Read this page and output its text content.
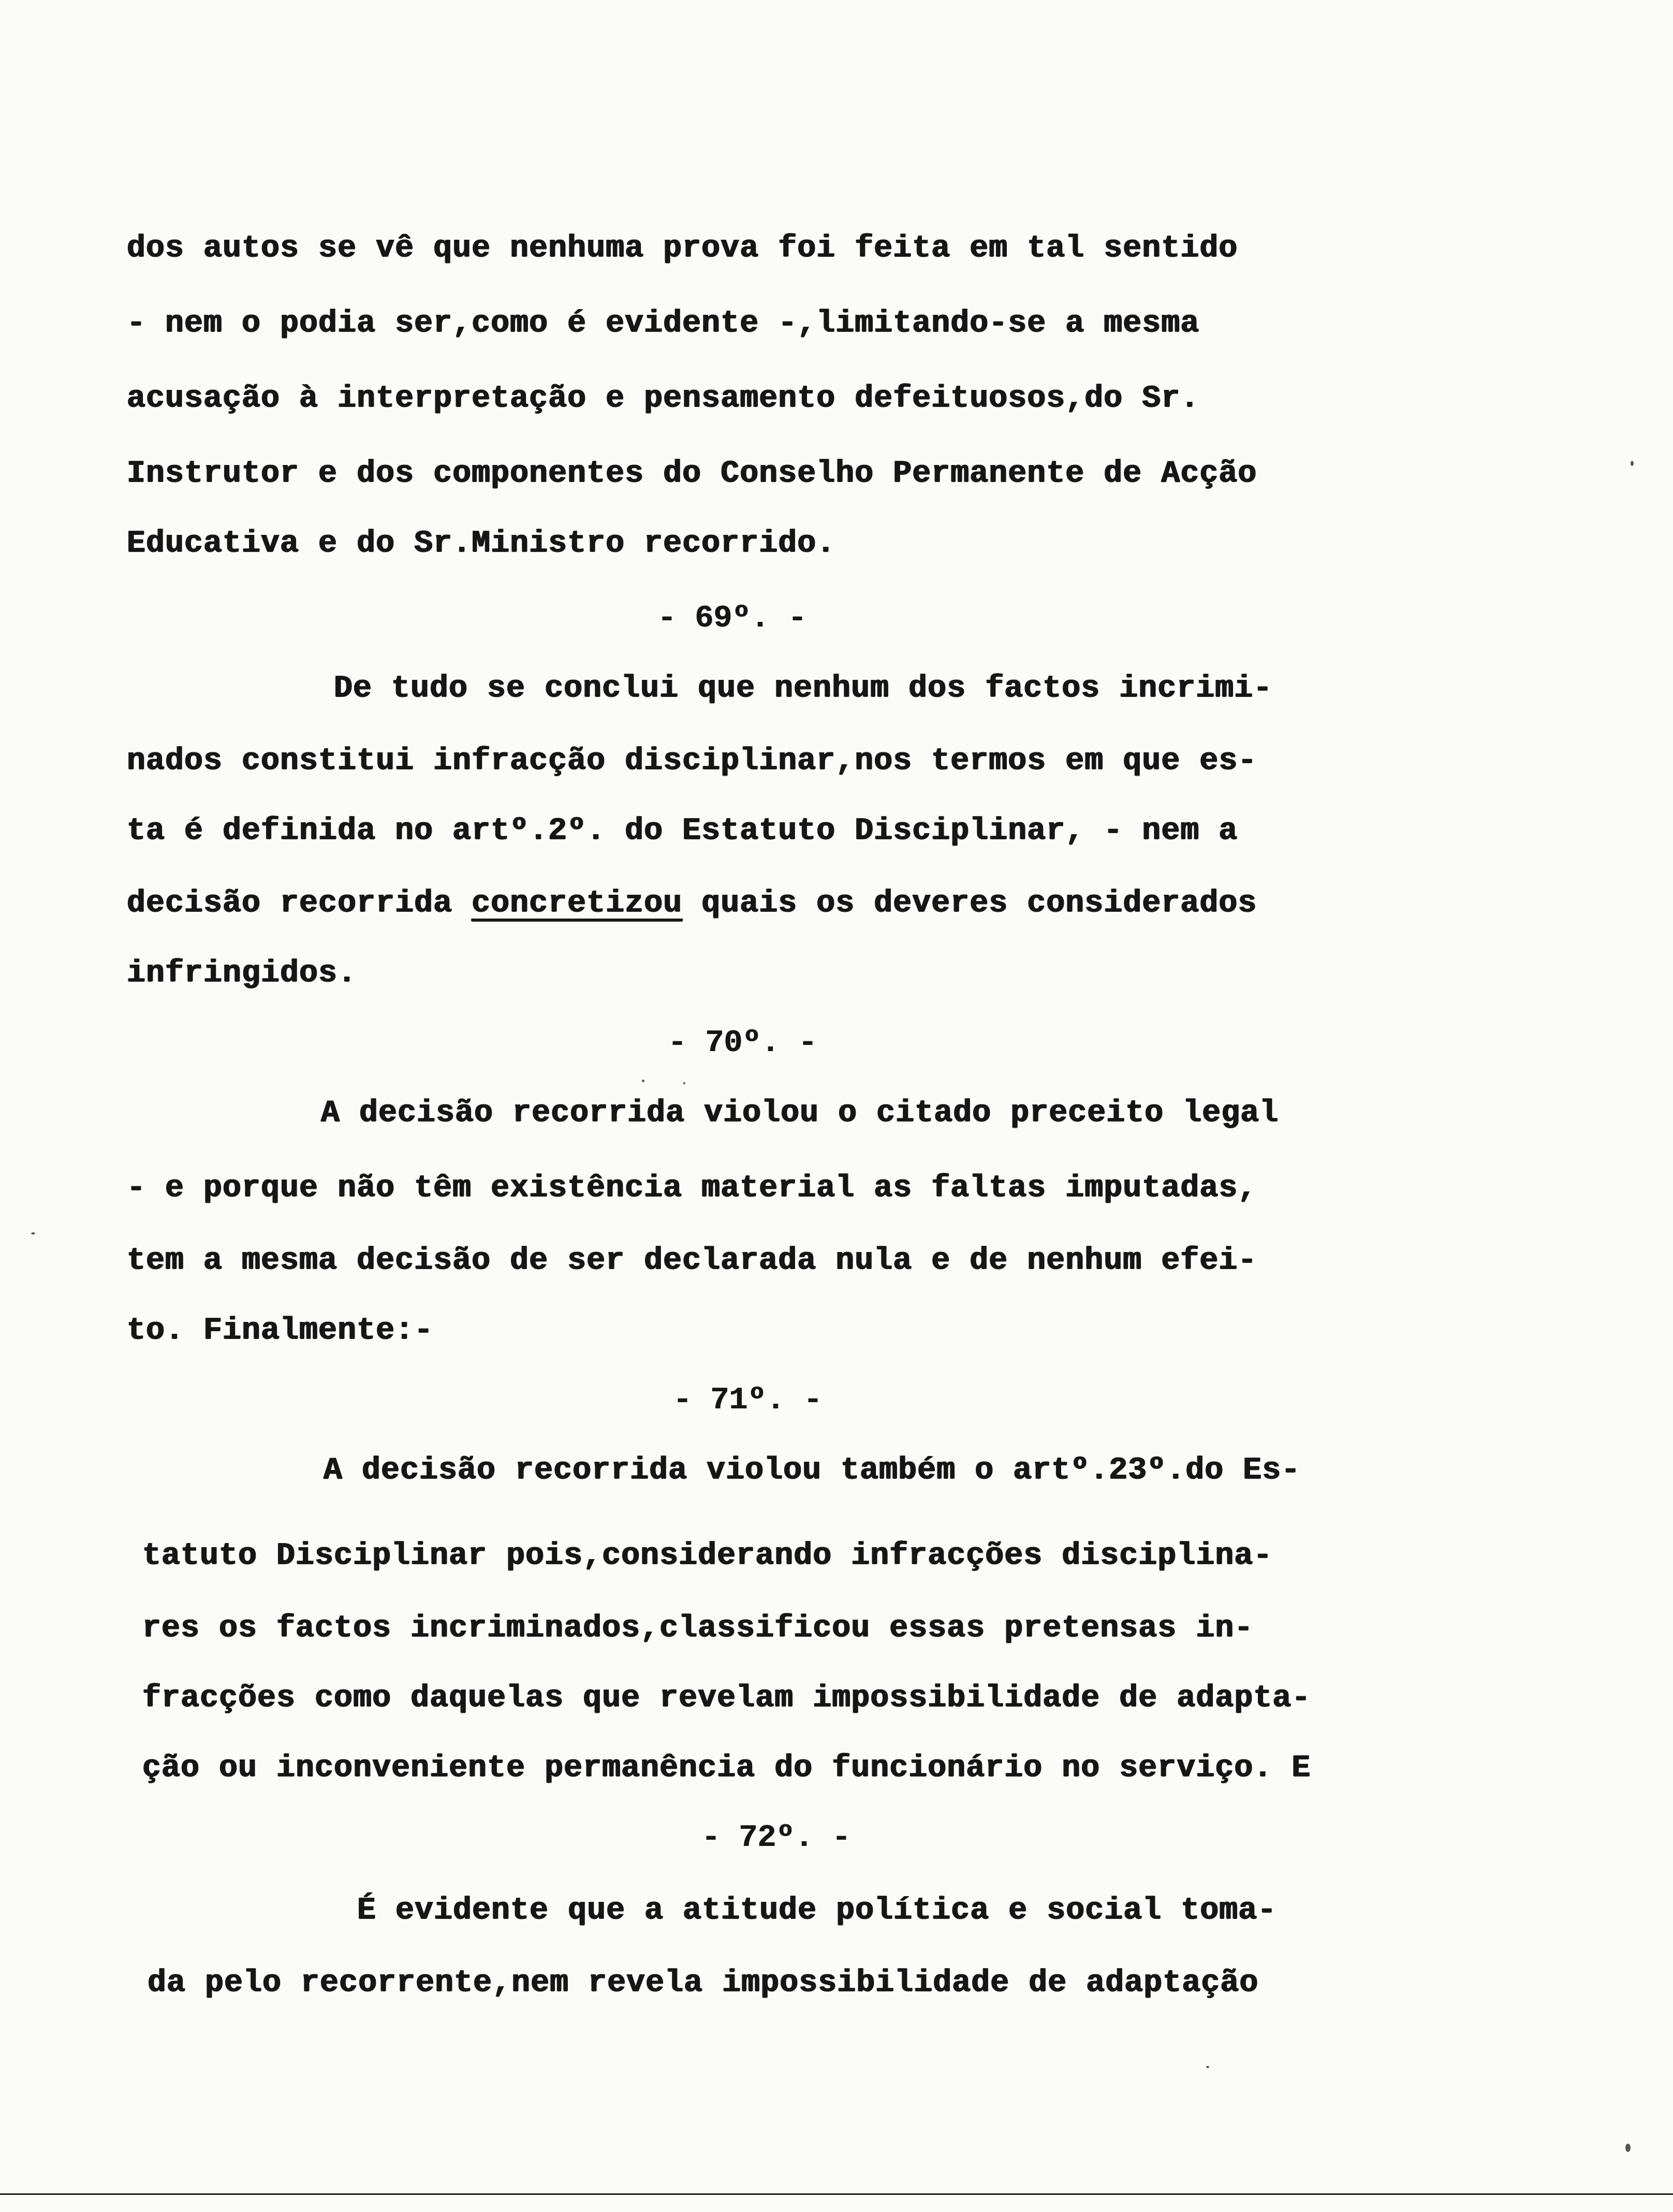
dos autos se vê que nenhuma prova foi feita em tal sentido
- nem o podia ser,como é evidente -,limitando-se a mesma
acusação à interpretação e pensamento defeituosos,do Sr.
Instrutor e dos componentes do Conselho Permanente de Acção
Educativa e do Sr.Ministro recorrido.
- 69º. -
De tudo se conclui que nenhum dos factos incrimi-
nados constitui infracção disciplinar,nos termos em que es-
ta é definida no artº.2º. do Estatuto Disciplinar, - nem a
decisão recorrida concretizou quais os deveres considerados
infringidos.
- 70º. -
A decisão recorrida violou o citado preceito legal
- e porque não têm existência material as faltas imputadas,
tem a mesma decisão de ser declarada nula e de nenhum efei-
to. Finalmente:-
- 71º. -
A decisão recorrida violou também o artº.23º.do Es-
tatuto Disciplinar pois,considerando infracções disciplina-
res os factos incriminados,classificou essas pretensas in-
fracções como daquelas que revelam impossibilidade de adapta-
ção ou inconveniente permanência do funcionário no serviço. E
- 72º. -
É evidente que a atitude política e social toma-
da pelo recorrente,nem revela impossibilidade de adaptação
